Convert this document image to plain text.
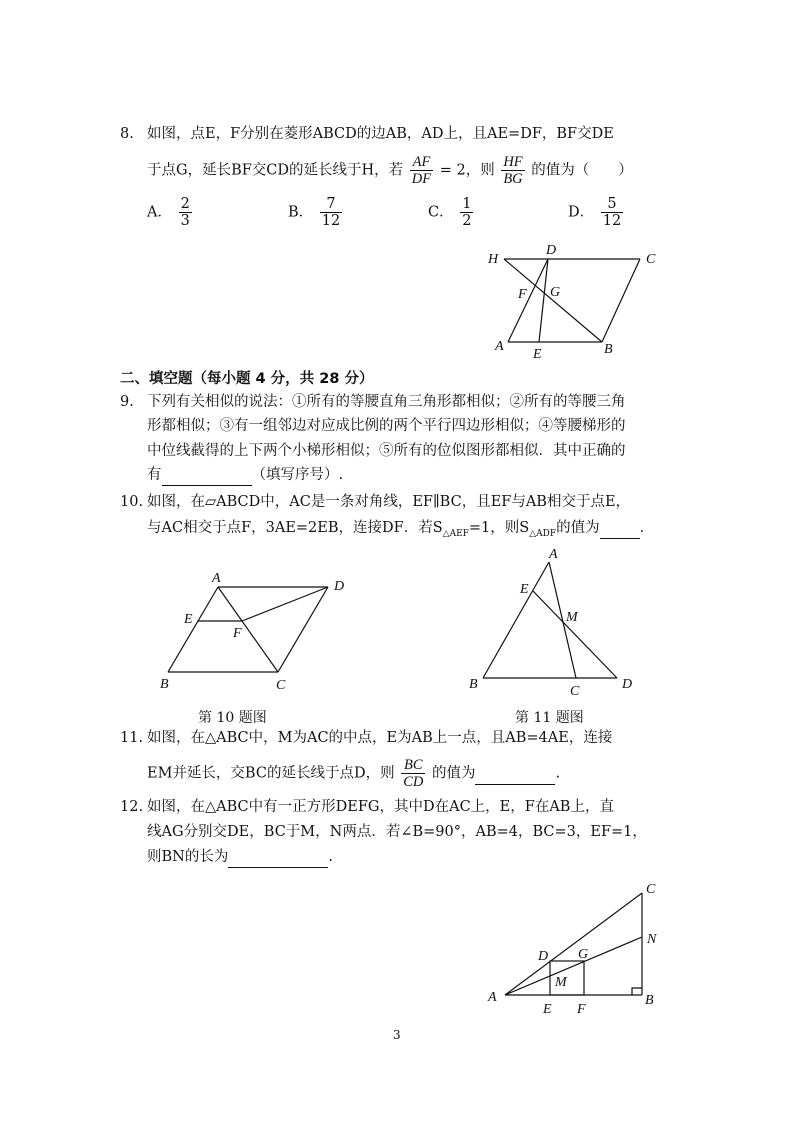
8. 如图，点E，F分别在菱形ABCD的边AB，AD上，且AE=DF，BF交DE
于点G，延长BF交CD的延长线于H，若 $\frac{AF}{DF} = 2$，则 $\frac{HF}{BG}$ 的值为（　　）
A． $\frac{2}{3}$	B． $\frac{7}{12}$	C． $\frac{1}{2}$	D． $\frac{5}{12}$
H
D
C
F G
A
E	B
二、填空题（每小题 4 分，共 28 分）
9. 下列有关相似的说法：①所有的等腰直角三角形都相似；②所有的等腰三角
形都相似；③有一组邻边对应成比例的两个平行四边形相似；④等腰梯形的
中位线截得的上下两个小梯形相似；⑤所有的位似图形都相似．其中正确的
有	（填写序号）.
10. 如图，在▱ABCD中，AC是一条对角线，EF∥BC，且EF与AB相交于点E，
与AC相交于点F，3AE=2EB，连接DF．若$S_{\triangle AEF}=1$，则$S_{\triangle ADF}$的值为	．
A
D
E
F
B	C
A
E
M
B	C	D
第 10 题图	第 11 题图
11. 如图，在△ABC中，M为AC的中点，E为AB上一点，且AB=4AE，连接
EM并延长，交BC的延长线于点D，则 $\frac{BC}{CD}$ 的值为	.
12. 如图，在△ABC中有一正方形DEFG，其中D在AC上，E，F在AB上，直
线AG分别交DE，BC于M，N两点．若∠B=90°，AB=4，BC=3，EF=1，
则BN的长为	.
C
N
D G
M
A
E F
B
3
